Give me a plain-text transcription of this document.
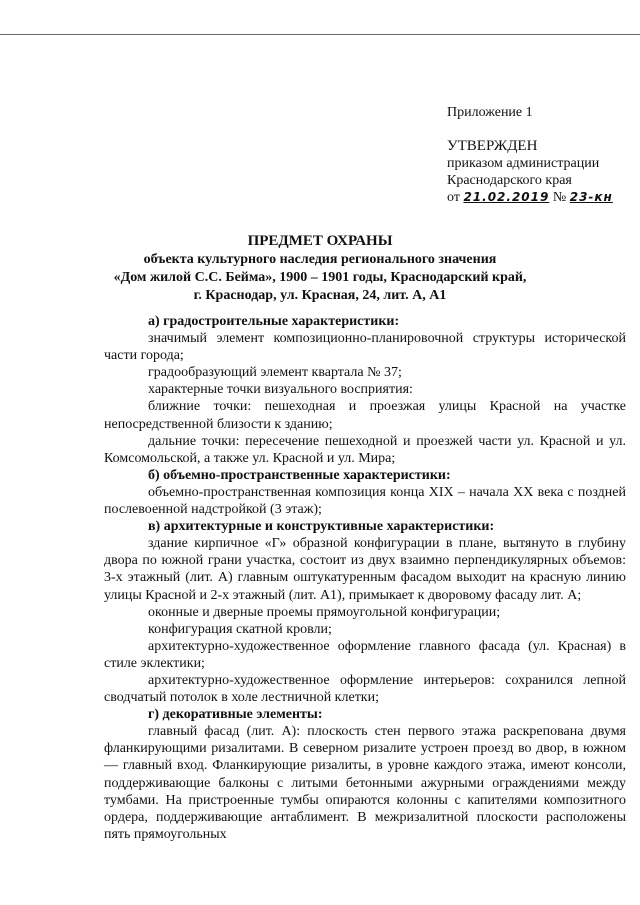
Приложение 1
УТВЕРЖДЕН
приказом администрации
Краснодарского края
от 21.02.2019 № 23-кн
ПРЕДМЕТ ОХРАНЫ
объекта культурного наследия регионального значения
«Дом жилой С.С. Бейма», 1900 – 1901 годы, Краснодарский край,
г. Краснодар, ул. Красная, 24, лит. А, А1

а) градостроительные характеристики:

значимый элемент композиционно-планировочной структуры исторической части города;

градообразующий элемент квартала № 37;

характерные точки визуального восприятия:

ближние точки: пешеходная и проезжая улицы Красной на участке непосредственной близости к зданию;

дальние точки: пересечение пешеходной и проезжей части ул. Красной и ул. Комсомольской, а также ул. Красной и ул. Мира;

б) объемно-пространственные характеристики:

объемно-пространственная композиция конца XIX – начала XX века с поздней послевоенной надстройкой (3 этаж);

в) архитектурные и конструктивные характеристики:

здание кирпичное «Г» образной конфигурации в плане, вытянуто в глубину двора по южной грани участка, состоит из двух взаимно перпендикулярных объемов: 3-х этажный (лит. А) главным оштукатуренным фасадом выходит на красную линию улицы Красной и 2-х этажный (лит. А1), примыкает к дворовому фасаду лит. А;

оконные и дверные проемы прямоугольной конфигурации;

конфигурация скатной кровли;

архитектурно-художественное оформление главного фасада (ул. Красная) в стиле эклектики;

архитектурно-художественное оформление интерьеров: сохранился лепной сводчатый потолок в холе лестничной клетки;

г) декоративные элементы:

главный фасад (лит. А): плоскость стен первого этажа раскрепована двумя фланкирующими ризалитами. В северном ризалите устроен проезд во двор, в южном — главный вход. Фланкирующие ризалиты, в уровне каждого этажа, имеют консоли, поддерживающие балконы с литыми бетонными ажурными ограждениями между тумбами. На пристроенные тумбы опираются колонны с капителями композитного ордера, поддерживающие антаблимент. В межризалитной плоскости расположены пять прямоугольных
